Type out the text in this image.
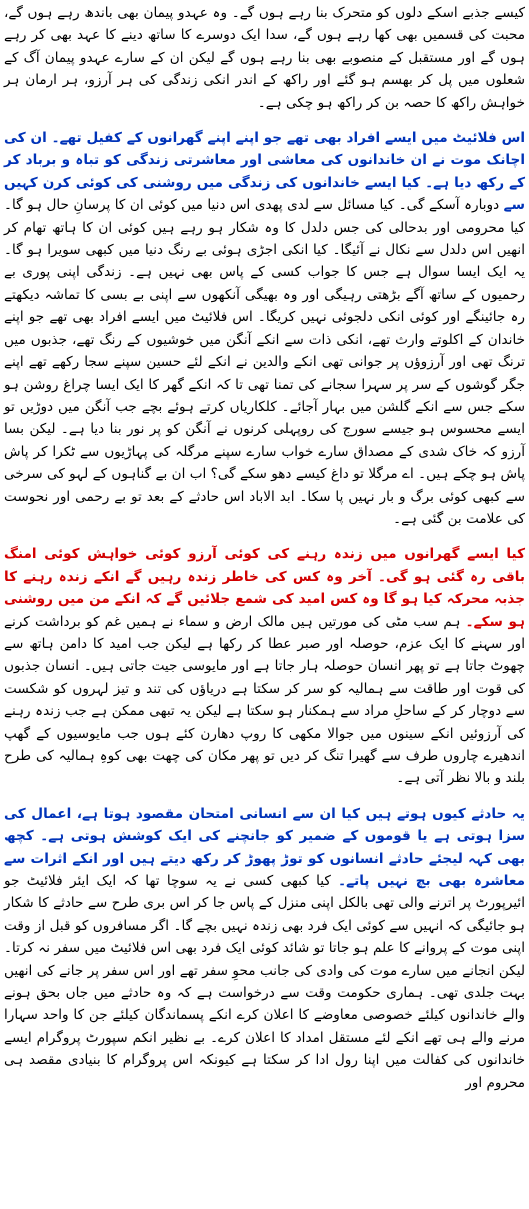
کیسے جذبے اسکے دلوں کو متحرک بنا رہے ہوں گے۔ وہ عہدو پیمان بھی باندھ رہے ہوں گے، محبت کی قسمیں بھی کھا رہے ہوں گے، سدا ایک دوسرے کا ساتھ دینے کا عہد بھی کر رہے ہوں گے اور مستقبل کے منصوبے بھی بنا رہے ہوں گے لیکن ان کے سارے عہدو پیمان آگ کے شعلوں میں پل کر بھسم ہو گئے اور راکھ کے اندر انکی زندگی کی ہر آرزو، ہر ارمان ہر خواہش راکھ کا حصہ بن کر راکھ ہو چکی ہے۔

اس فلائیٹ میں ایسے افراد بھی تھے جو اپنے اپنے گھرانوں کے کفیل تھے۔ ان کی اچانک موت نے ان خاندانوں کی معاشی اور معاشرتی زندگی کو تباہ و برباد کر کے رکھ دیا ہے۔ کیا ایسے خاندانوں کی زندگی میں روشنی کی کوئی کرن کہیں سے دوبارہ آسکے گی۔ کیا مسائل سے لدی پھدی اس دنیا میں کوئی ان کا پرسانِ حال ہو گا۔ کیا محرومی اور بدحالی کی جس دلدل کا وہ شکار ہو رہے ہیں کوئی ان کا ہاتھ تھام کر انھیں اس دلدل سے نکال نے آئیگا۔ کیا انکی اجڑی ہوئی بے رنگ دنیا میں کبھی سویرا ہو گا۔ یہ ایک ایسا سوال ہے جس کا جواب کسی کے پاس بھی نہیں ہے۔ زندگی اپنی پوری بے رحمیوں کے ساتھ آگے بڑھتی رہیگی اور وہ بھیگی آنکھوں سے اپنی بے بسی کا تماشہ دیکھتے رہ جائینگے اور کوئی انکی دلجوئی نہیں کریگا۔ اس فلائیٹ میں ایسے افراد بھی تھے جو اپنے خاندان کے اکلوتے وارث تھے، انکی ذات سے انکے آنگن میں خوشیوں کے رنگ تھے، جذبوں میں ترنگ تھی اور آرزوؤں پر جوانی تھی انکے والدین نے انکے لئے حسین سپنے سجا رکھے تھے اپنے جگر گوشوں کے سر پر سہرا سجانے کی تمنا تھی تا کہ انکے گھر کا ایک ایسا چراغ روشن ہو سکے جس سے انکے گلشن میں بہار آجائے۔ کلکاریاں کرتے ہوئے بچے جب آنگن میں دوڑیں تو ایسے محسوس ہو جیسے سورج کی روپہلی کرنوں نے آنگن کو پر نور بنا دیا ہے۔ لیکن بسا آرزو کہ خاک شدی کے مصداق سارے خواب سارے سپنے مرگلہ کی پہاڑیوں سے ٹکرا کر پاش پاش ہو چکے ہیں۔ اے مرگلا تو داغ کیسے دھو سکے گی؟ اب ان بے گناہوں کے لہو کی سرخی سے کبھی کوئی برگ و بار نہیں پا سکا۔ ابد الاباد اس حادثے کے بعد تو بے رحمی اور نحوست کی علامت بن گئی ہے۔

کیا ایسے گھرانوں میں زندہ رہنے کی کوئی آرزو کوئی خواہش کوئی امنگ باقی رہ گئی ہو گی۔ آخر وہ کس کی خاطر زندہ رہیں گے انکے زندہ رہنے کا جذبہ محرکہ کیا ہو گا وہ کس امید کی شمع جلائیں گے کہ انکے من میں روشنی ہو سکے۔ ہم سب مٹی کی مورتیں ہیں مالک ارض و سماء نے ہمیں غم کو برداشت کرنے اور سہنے کا ایک عزم، حوصلہ اور صبر عطا کر رکھا ہے لیکن جب امید کا دامن ہاتھ سے چھوٹ جاتا ہے تو پھر انسان حوصلہ ہار جاتا ہے اور مایوسی جیت جاتی ہیں۔ انسان جذبوں کی قوت اور طاقت سے ہمالیہ کو سر کر سکتا ہے دریاؤں کی تند و تیز لہروں کو شکست سے دوچار کر کے ساحلِ مراد سے ہمکنار ہو سکتا ہے لیکن یہ تبھی ممکن ہے جب زندہ رہنے کی آرزوئیں انکے سینوں میں جوالا مکھی کا روپ دھارن کئے ہوں جب مایوسیوں کے گھپ اندھیرے چاروں طرف سے گھیرا تنگ کر دیں تو پھر مکان کی چھت بھی کوہِ ہمالیہ کی طرح بلند و بالا نظر آتی ہے۔

یہ حادثے کیوں ہوتے ہیں کیا ان سے انسانی امتحان مقصود ہوتا ہے، اعمال کی سزا ہوتی ہے یا قوموں کے ضمیر کو جانچنے کی ایک کوشش ہوتی ہے۔ کچھ بھی کہہ لیجئے حادثے انسانوں کو توڑ پھوڑ کر رکھ دیتے ہیں اور انکے اثرات سے معاشرہ بھی بچ نہیں پاتے۔ کیا کبھی کسی نے یہ سوچا تھا کہ ایک ایئر فلائیٹ جو ائیرپورٹ پر اترنے والی تھی بالکل اپنی منزل کے پاس جا کر اس بری طرح سے حادثے کا شکار ہو جائیگی کہ انہیں سے کوئی ایک فرد بھی زندہ نہیں بچے گا۔ اگر مسافروں کو قبل از وقت اپنی موت کے پروانے کا علم ہو جاتا تو شائد کوئی ایک فرد بھی اس فلائیٹ میں سفر نہ کرتا۔ لیکن انجانے میں سارے موت کی وادی کی جانب محوِ سفر تھے اور اس سفر پر جانے کی انھیں بہت جلدی تھی۔ ہماری حکومت وقت سے درخواست ہے کہ وہ حادثے میں جاں بحق ہونے والے خاندانوں کیلئے خصوصی معاوضے کا اعلان کرے انکے پسماندگان کیلئے جن کا واحد سہارا مرنے والے ہی تھے انکے لئے مستقل امداد کا اعلان کرے۔ بے نظیر انکم سپورٹ پروگرام ایسے خاندانوں کی کفالت میں اپنا رول ادا کر سکتا ہے کیونکہ اس پروگرام کا بنیادی مقصد ہی محروم اور
